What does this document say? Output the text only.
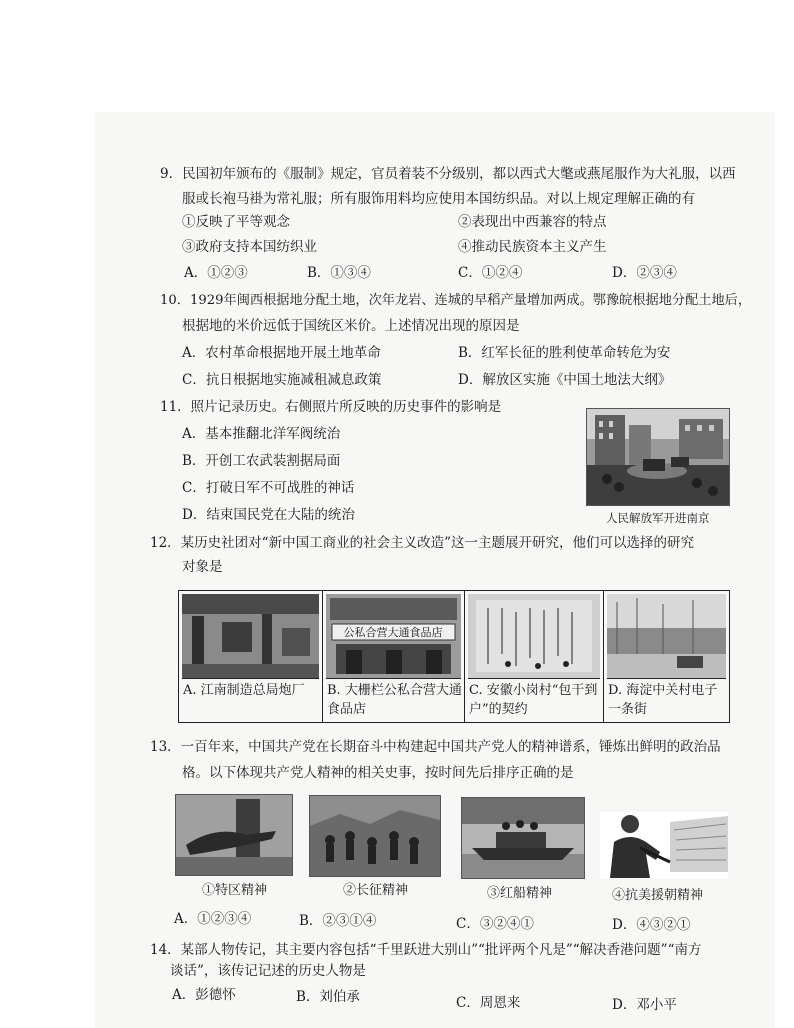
9．民国初年颁布的《服制》规定，官员着装不分级别，都以西式大氅或燕尾服作为大礼服，以西
服或长袍马褂为常礼服；所有服饰用料均应使用本国纺织品。对以上规定理解正确的有
①反映了平等观念	②表现出中西兼容的特点
③政府支持本国纺织业	④推动民族资本主义产生
A．①②③	B．①③④	C．①②④	D．②③④
10．1929年闽西根据地分配土地，次年龙岩、连城的早稻产量增加两成。鄂豫皖根据地分配土地后，
根据地的米价远低于国统区米价。上述情况出现的原因是
A．农村革命根据地开展土地革命	B．红军长征的胜利使革命转危为安
C．抗日根据地实施减租减息政策	D．解放区实施《中国土地法大纲》
11．照片记录历史。右侧照片所反映的历史事件的影响是
A．基本推翻北洋军阀统治
B．开创工农武装割据局面
C．打破日军不可战胜的神话
D．结束国民党在大陆的统治	人民解放军开进南京
12．某历史社团对“新中国工商业的社会主义改造”这一主题展开研究，他们可以选择的研究
对象是
A. 江南制造总局炮厂
公私合营大通食品店
B. 大栅栏公私合营大通食品店
C. 安徽小岗村“包干到户”的契约
D. 海淀中关村电子一条街
13．一百年来，中国共产党在长期奋斗中构建起中国共产党人的精神谱系，锤炼出鲜明的政治品
格。以下体现共产党人精神的相关史事，按时间先后排序正确的是
①特区精神	②长征精神	③红船精神	④抗美援朝精神
A．①②③④	B．②③①④	C．③②④①	D．④③②①
14．某部人物传记，其主要内容包括“千里跃进大别山”“批评两个凡是”“解决香港问题”“南方
谈话”，该传记记述的历史人物是
A．彭德怀	B．刘伯承	C．周恩来	D．邓小平
